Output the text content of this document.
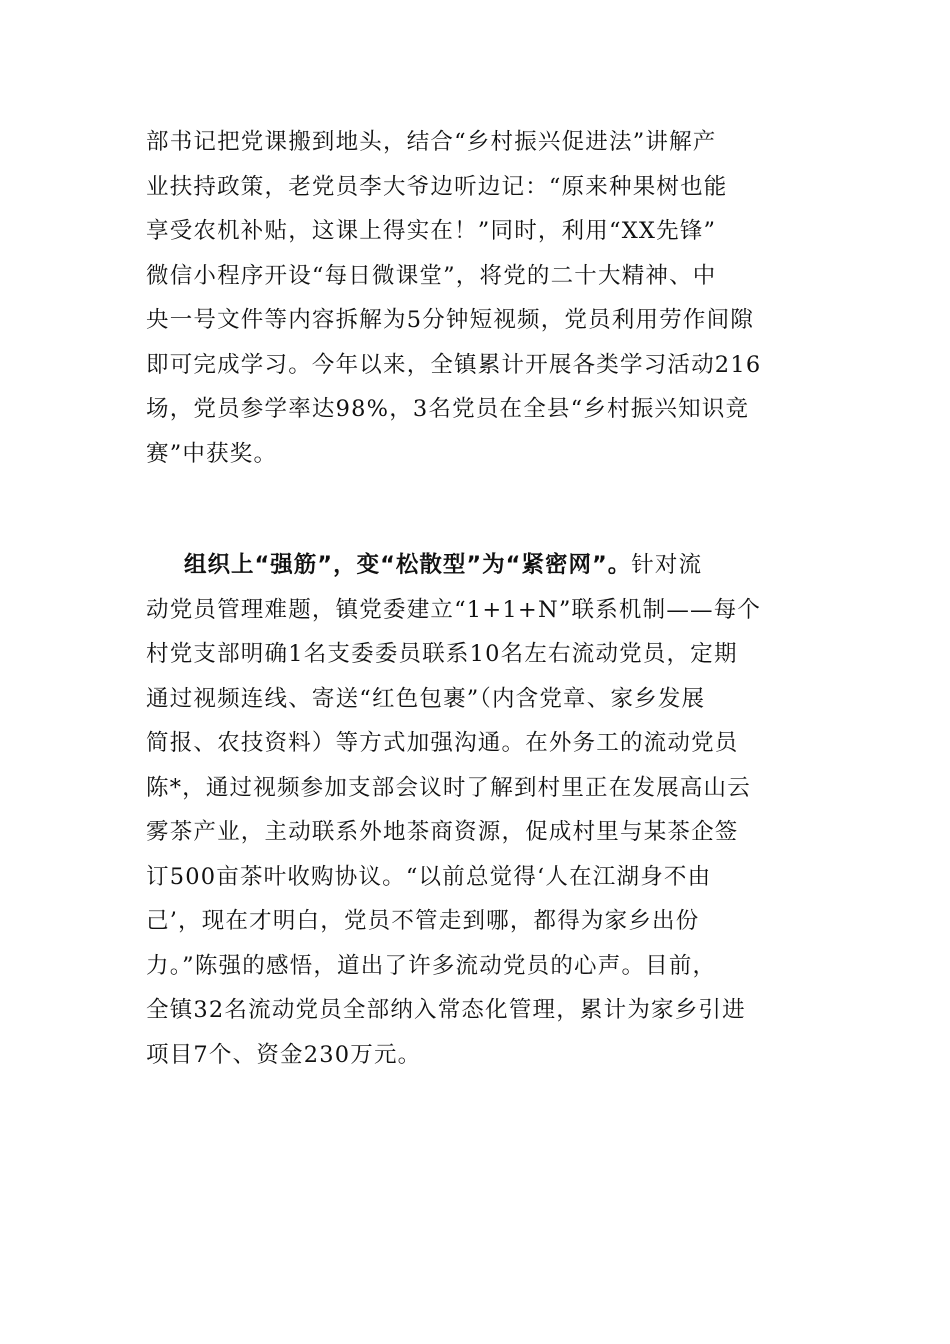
部书记把党课搬到地头，结合“乡村振兴促进法”讲解产
业扶持政策，老党员李大爷边听边记：“原来种果树也能
享受农机补贴，这课上得实在！”同时，利用“XX先锋”
微信小程序开设“每日微课堂”，将党的二十大精神、中
央一号文件等内容拆解为5分钟短视频，党员利用劳作间隙
即可完成学习。今年以来，全镇累计开展各类学习活动216
场，党员参学率达98%，3名党员在全县“乡村振兴知识竞
赛”中获奖。
组织上“强筋”，变“松散型”为“紧密网”。针对流
动党员管理难题，镇党委建立“1+1+N”联系机制——每个
村党支部明确1名支委委员联系10名左右流动党员，定期
通过视频连线、寄送“红色包裹”（内含党章、家乡发展
简报、农技资料）等方式加强沟通。在外务工的流动党员
陈*，通过视频参加支部会议时了解到村里正在发展高山云
雾茶产业，主动联系外地茶商资源，促成村里与某茶企签
订500亩茶叶收购协议。“以前总觉得‘人在江湖身不由
己’，现在才明白，党员不管走到哪，都得为家乡出份
力。”陈强的感悟，道出了许多流动党员的心声。目前，
全镇32名流动党员全部纳入常态化管理，累计为家乡引进
项目7个、资金230万元。
